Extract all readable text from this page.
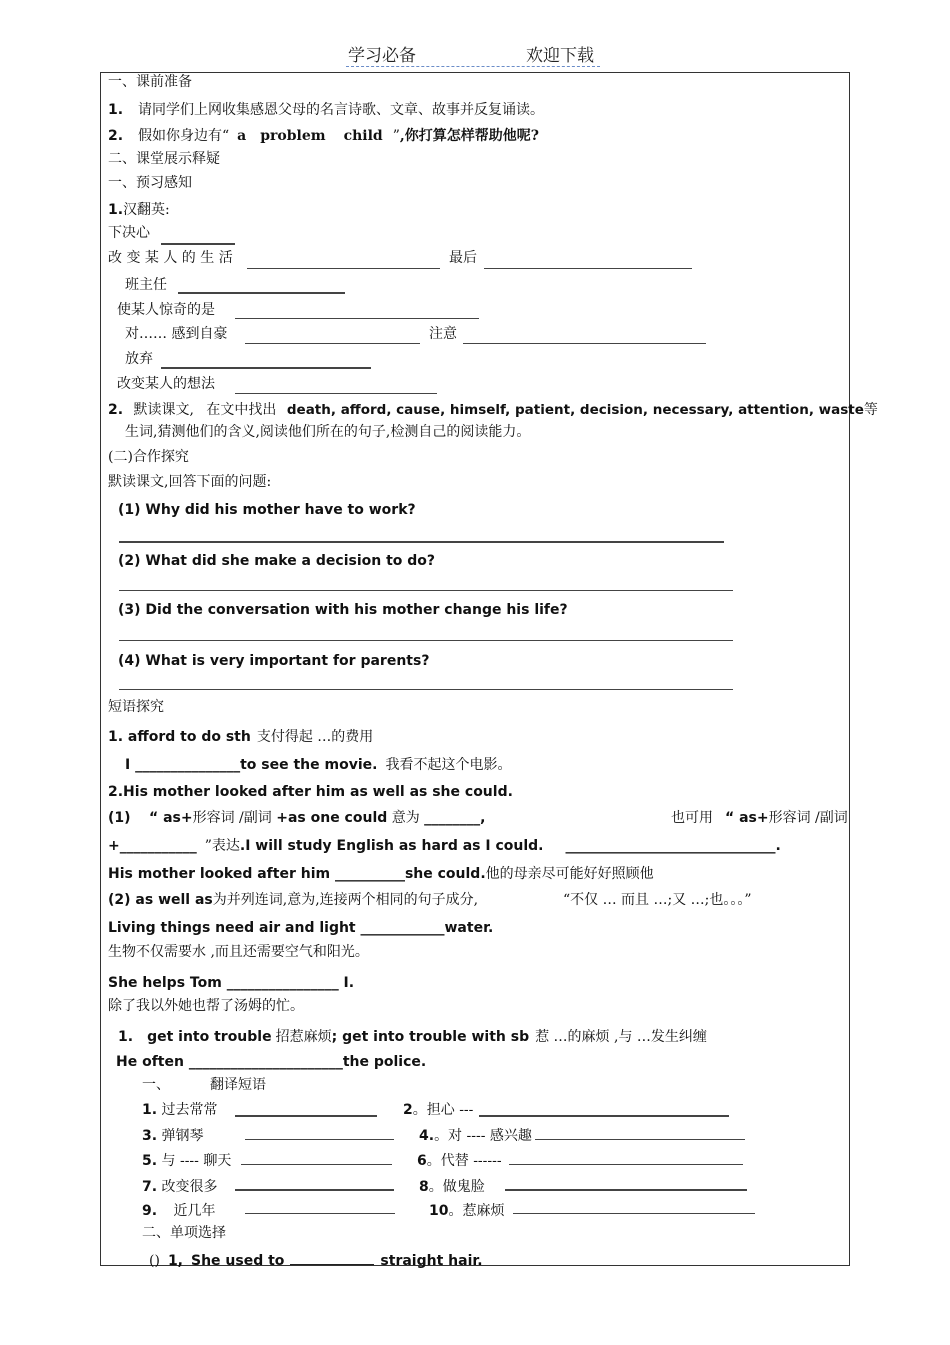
学习必备	欢迎下载
一、课前准备
1. 请同学们上网收集感恩父母的名言诗歌、文章、故事并反复诵读。
2. 假如你身边有“ a problem child ”,你打算怎样帮助他呢?
二、课堂展示释疑
一、预习感知
1.汉翻英:
下决心
改 变 某 人 的 生 活	最后
班主任
使某人惊奇的是
对…… 感到自豪	注意
放弃
改变某人的想法
2. 默读课文, 在文中找出 death, afford, cause, himself, patient, decision, necessary, attention, waste等
生词,猜测他们的含义,阅读他们所在的句子,检测自己的阅读能力。
(二)合作探究
默读课文,回答下面的问题:
(1) Why did his mother have to work?
(2) What did she make a decision to do?
(3) Did the conversation with his mother change his life?
(4) What is very important for parents?
短语探究
1. afford to do sth 支付得起 …的费用
I _______________to see the movie. 我看不起这个电影。
2.His mother looked after him as well as she could.
(1) “ as+形容词 /副词 +as one could 意为 ________,	也可用 “ as+形容词 /副词
+___________ ”表达.I will study English as hard as I could. ______________________________.
His mother looked after him __________she could.他的母亲尽可能好好照顾他
(2) as well as为并列连词,意为,连接两个相同的句子成分,	“不仅 … 而且 …;又 …;也。。。”
Living things need air and light ____________water.
生物不仅需要水 ,而且还需要空气和阳光。
She helps Tom ________________ I.
除了我以外她也帮了汤姆的忙。
1. get into trouble 招惹麻烦; get into trouble with sb 惹 …的麻烦 ,与 …发生纠缠
He often ______________________the police.
一、	翻译短语
1. 过去常常	2。担心 ---
3. 弹钢琴	4.。对 ---- 感兴趣
5. 与 ---- 聊天	6。代替 ------
7. 改变很多	8。做鬼脸
9. 近几年	10。惹麻烦
二、单项选择
() 1, She used to	straight hair.
